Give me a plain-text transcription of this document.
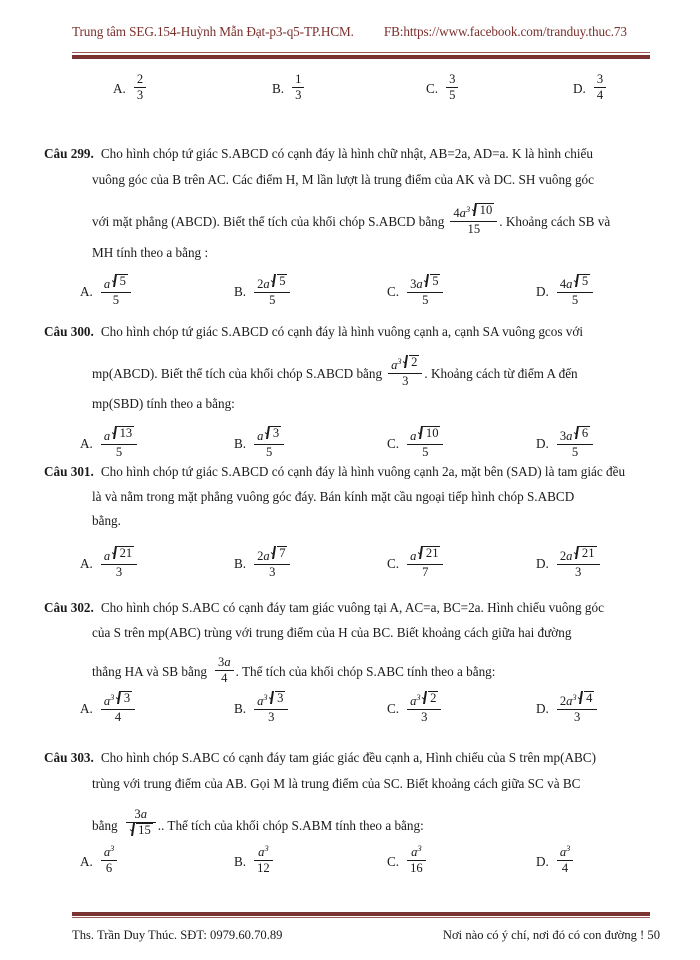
Trung tâm SEG.154-Huỳnh Mẫn Đạt-p3-q5-TP.HCM. FB:https://www.facebook.com/tranduy.thuc.73
A. $\frac{2}{3}$	B. $\frac{1}{3}$	C. $\frac{3}{5}$	D. $\frac{3}{4}$
Câu 299. Cho hình chóp tứ giác S.ABCD có cạnh đáy là hình chữ nhật, AB=2a, AD=a. K là hình chiếu
vuông góc của B trên AC. Các điểm H, M lần lượt là trung điểm của AK và DC. SH vuông góc
với mặt phẳng (ABCD). Biết thể tích của khối chóp S.ABCD bằng $\frac{4a^3 10}{15}$ . Khoảng cách SB và
MH tính theo a bằng :
A. $\frac{a 5}{5}$	B. $\frac{2a 5}{5}$	C. $\frac{3a 5}{5}$	D. $\frac{4a 5}{5}$
Câu 300. Cho hình chóp tứ giác S.ABCD có cạnh đáy là hình vuông cạnh a, cạnh SA vuông gcos với
mp(ABCD). Biết thể tích của khối chóp S.ABCD bằng $\frac{a^3 2}{3}$ . Khoảng cách từ điểm A đến
mp(SBD) tính theo a bằng:
A. $\frac{a 13}{5}$	B. $\frac{a 3}{5}$	C. $\frac{a 10}{5}$	D. $\frac{3a 6}{5}$
Câu 301. Cho hình chóp tứ giác S.ABCD có cạnh đáy là hình vuông cạnh 2a, mặt bên (SAD) là tam giác đều
là và nằm trong mặt phẳng vuông góc đáy. Bán kính mặt cầu ngoại tiếp hình chóp S.ABCD
bằng.
A. $\frac{a 21}{3}$	B. $\frac{2a 7}{3}$	C. $\frac{a 21}{7}$	D. $\frac{2a 21}{3}$
Câu 302. Cho hình chóp S.ABC có cạnh đáy tam giác vuông tại A, AC=a, BC=2a. Hình chiếu vuông góc
của S trên mp(ABC) trùng với trung điểm của H của BC. Biết khoảng cách giữa hai đường
thẳng HA và SB bằng $\frac{3a}{4}$ . Thể tích của khối chóp S.ABC tính theo a bằng:
A. $\frac{a^3 3}{4}$	B. $\frac{a^3 3}{3}$	C. $\frac{a^3 2}{3}$	D. $\frac{2a^3 4}{3}$
Câu 303. Cho hình chóp S.ABC có cạnh đáy tam giác giác đều cạnh a, Hình chiếu của S trên mp(ABC)
trùng với trung điểm của AB. Gọi M là trung điểm của SC. Biết khoảng cách giữa SC và BC
bằng $\frac{3a}{15}$ .. Thể tích của khối chóp S.ABM tính theo a bằng:
A. $\frac{a^3}{6}$	B. $\frac{a^3}{12}$	C. $\frac{a^3}{16}$	D. $\frac{a^3}{4}$
Ths. Trần Duy Thúc. SĐT: 0979.60.70.89	Nơi nào có ý chí, nơi đó có con đường ! 50
